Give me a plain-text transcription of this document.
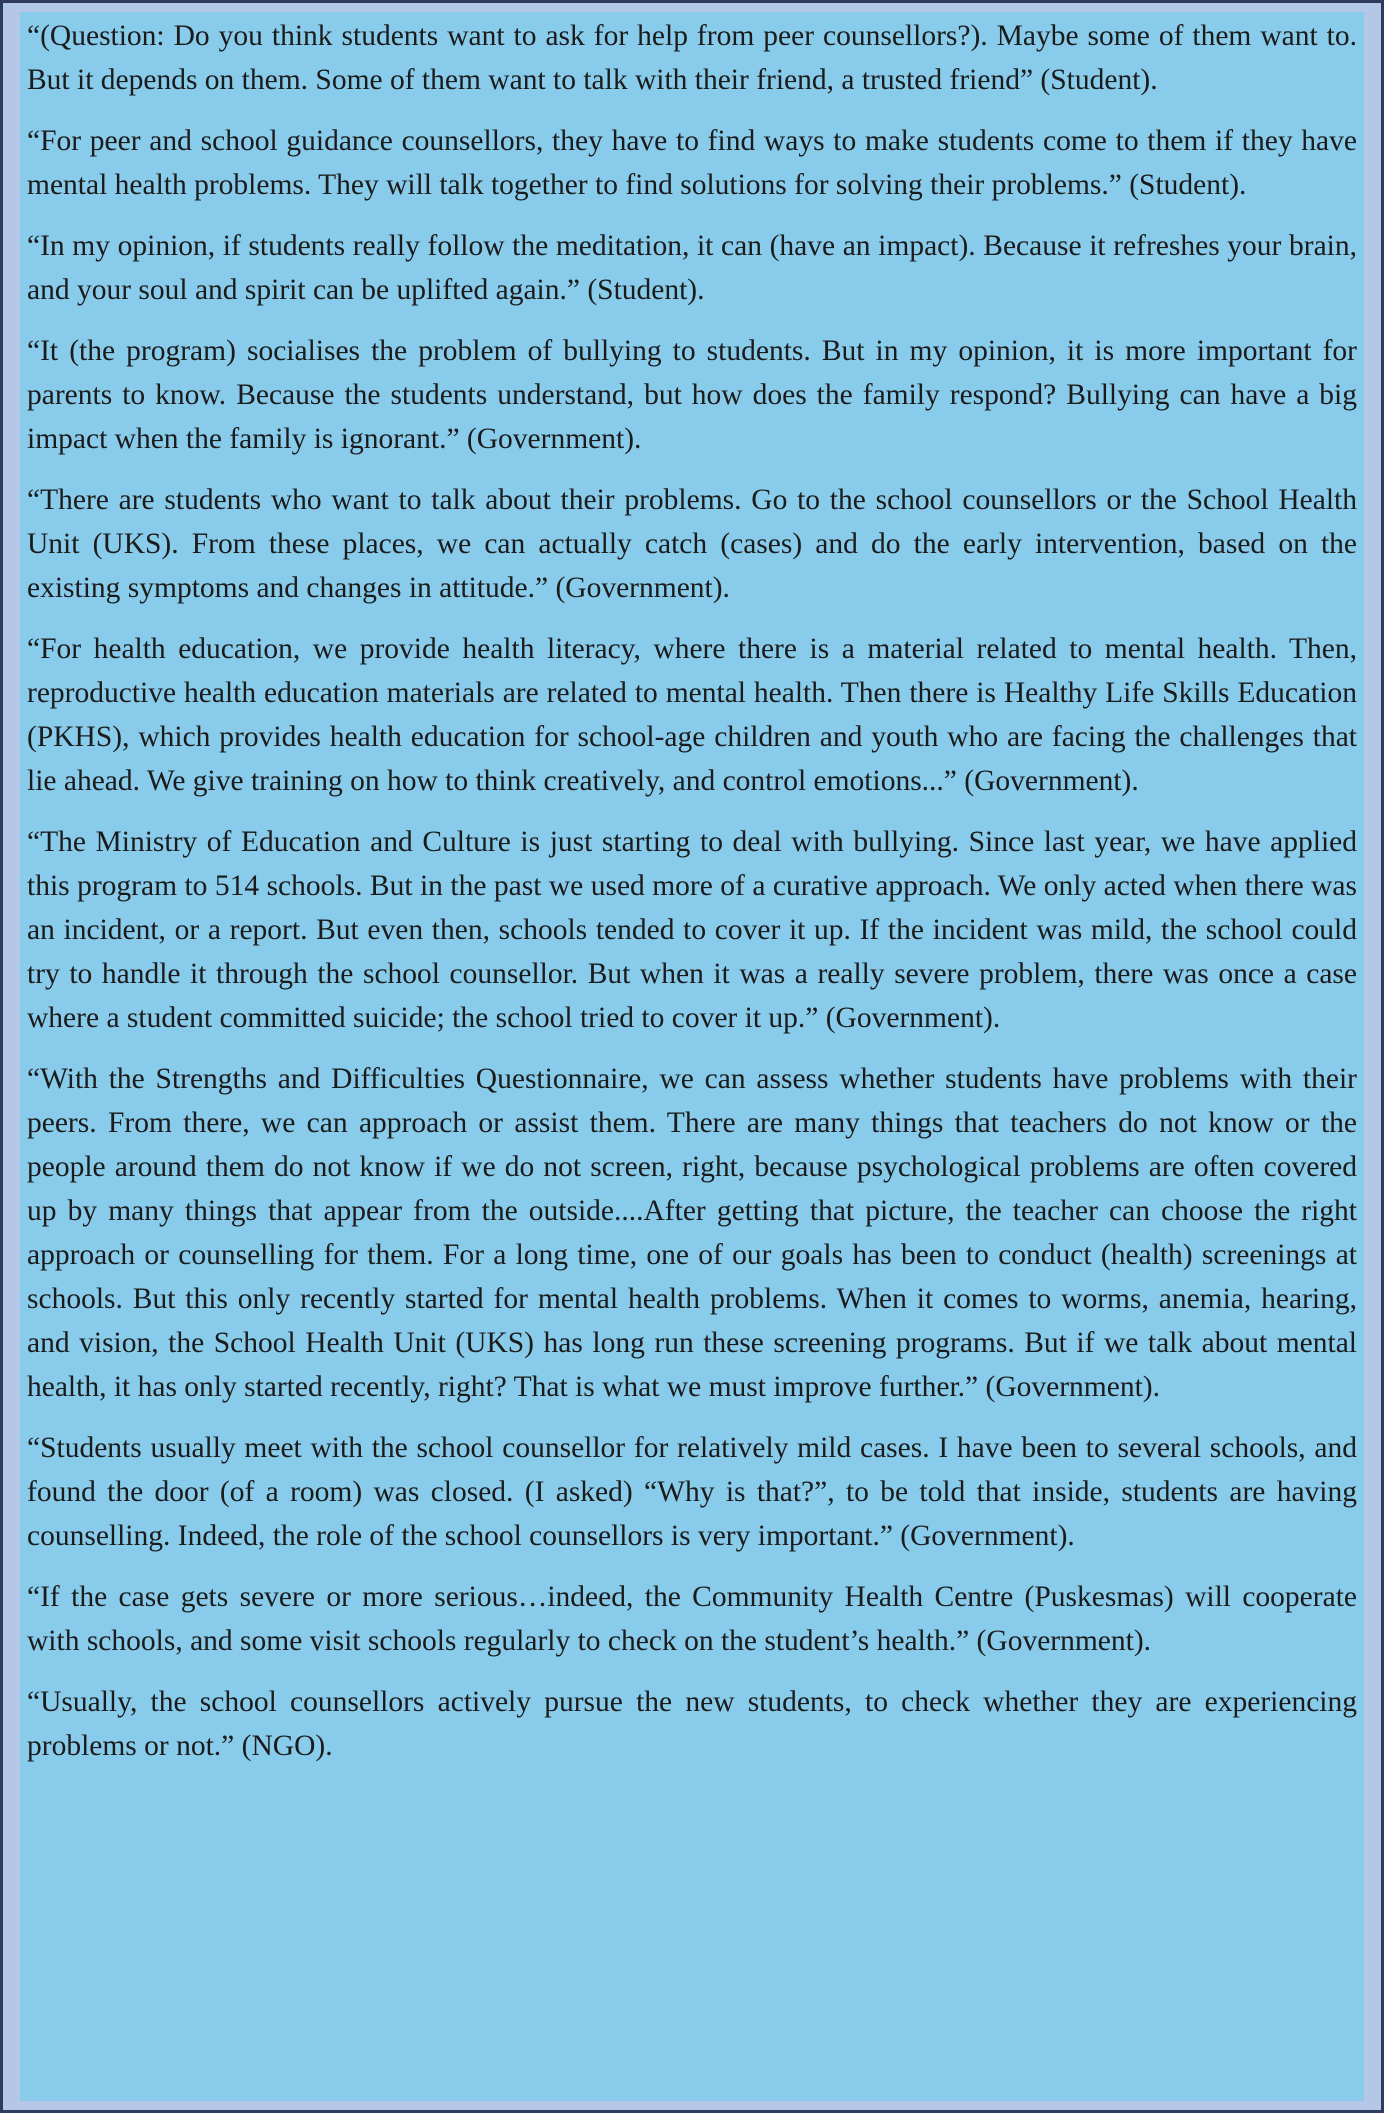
“(Question: Do you think students want to ask for help from peer counsellors?). Maybe some of them want to. But it depends on them. Some of them want to talk with their friend, a trusted friend” (Student).

“For peer and school guidance counsellors, they have to find ways to make students come to them if they have mental health problems. They will talk together to find solutions for solving their problems.” (Student).

“In my opinion, if students really follow the meditation, it can (have an impact). Because it refreshes your brain, and your soul and spirit can be uplifted again.” (Student).

“It (the program) socialises the problem of bullying to students. But in my opinion, it is more important for parents to know. Because the students understand, but how does the family respond? Bullying can have a big impact when the family is ignorant.” (Government).

“There are students who want to talk about their problems. Go to the school counsellors or the School Health Unit (UKS). From these places, we can actually catch (cases) and do the early intervention, based on the existing symptoms and changes in attitude.” (Government).

“For health education, we provide health literacy, where there is a material related to mental health. Then, reproductive health education materials are related to mental health. Then there is Healthy Life Skills Education (PKHS), which provides health education for school-age children and youth who are facing the challenges that lie ahead. We give training on how to think creatively, and control emotions...” (Government).

“The Ministry of Education and Culture is just starting to deal with bullying. Since last year, we have applied this program to 514 schools. But in the past we used more of a curative approach. We only acted when there was an incident, or a report. But even then, schools tended to cover it up. If the incident was mild, the school could try to handle it through the school counsellor. But when it was a really severe problem, there was once a case where a student committed suicide; the school tried to cover it up.” (Government).

“With the Strengths and Difficulties Questionnaire, we can assess whether students have problems with their peers. From there, we can approach or assist them. There are many things that teachers do not know or the people around them do not know if we do not screen, right, because psychological problems are often covered up by many things that appear from the outside....After getting that picture, the teacher can choose the right approach or counselling for them. For a long time, one of our goals has been to conduct (health) screenings at schools. But this only recently started for mental health problems. When it comes to worms, anemia, hearing, and vision, the School Health Unit (UKS) has long run these screening programs. But if we talk about mental health, it has only started recently, right? That is what we must improve further.” (Government).

“Students usually meet with the school counsellor for relatively mild cases. I have been to several schools, and found the door (of a room) was closed. (I asked) “Why is that?”, to be told that inside, students are having counselling. Indeed, the role of the school counsellors is very important.” (Government).

“If the case gets severe or more serious…indeed, the Community Health Centre (Puskesmas) will cooperate with schools, and some visit schools regularly to check on the student’s health.” (Government).

“Usually, the school counsellors actively pursue the new students, to check whether they are experiencing problems or not.” (NGO).
